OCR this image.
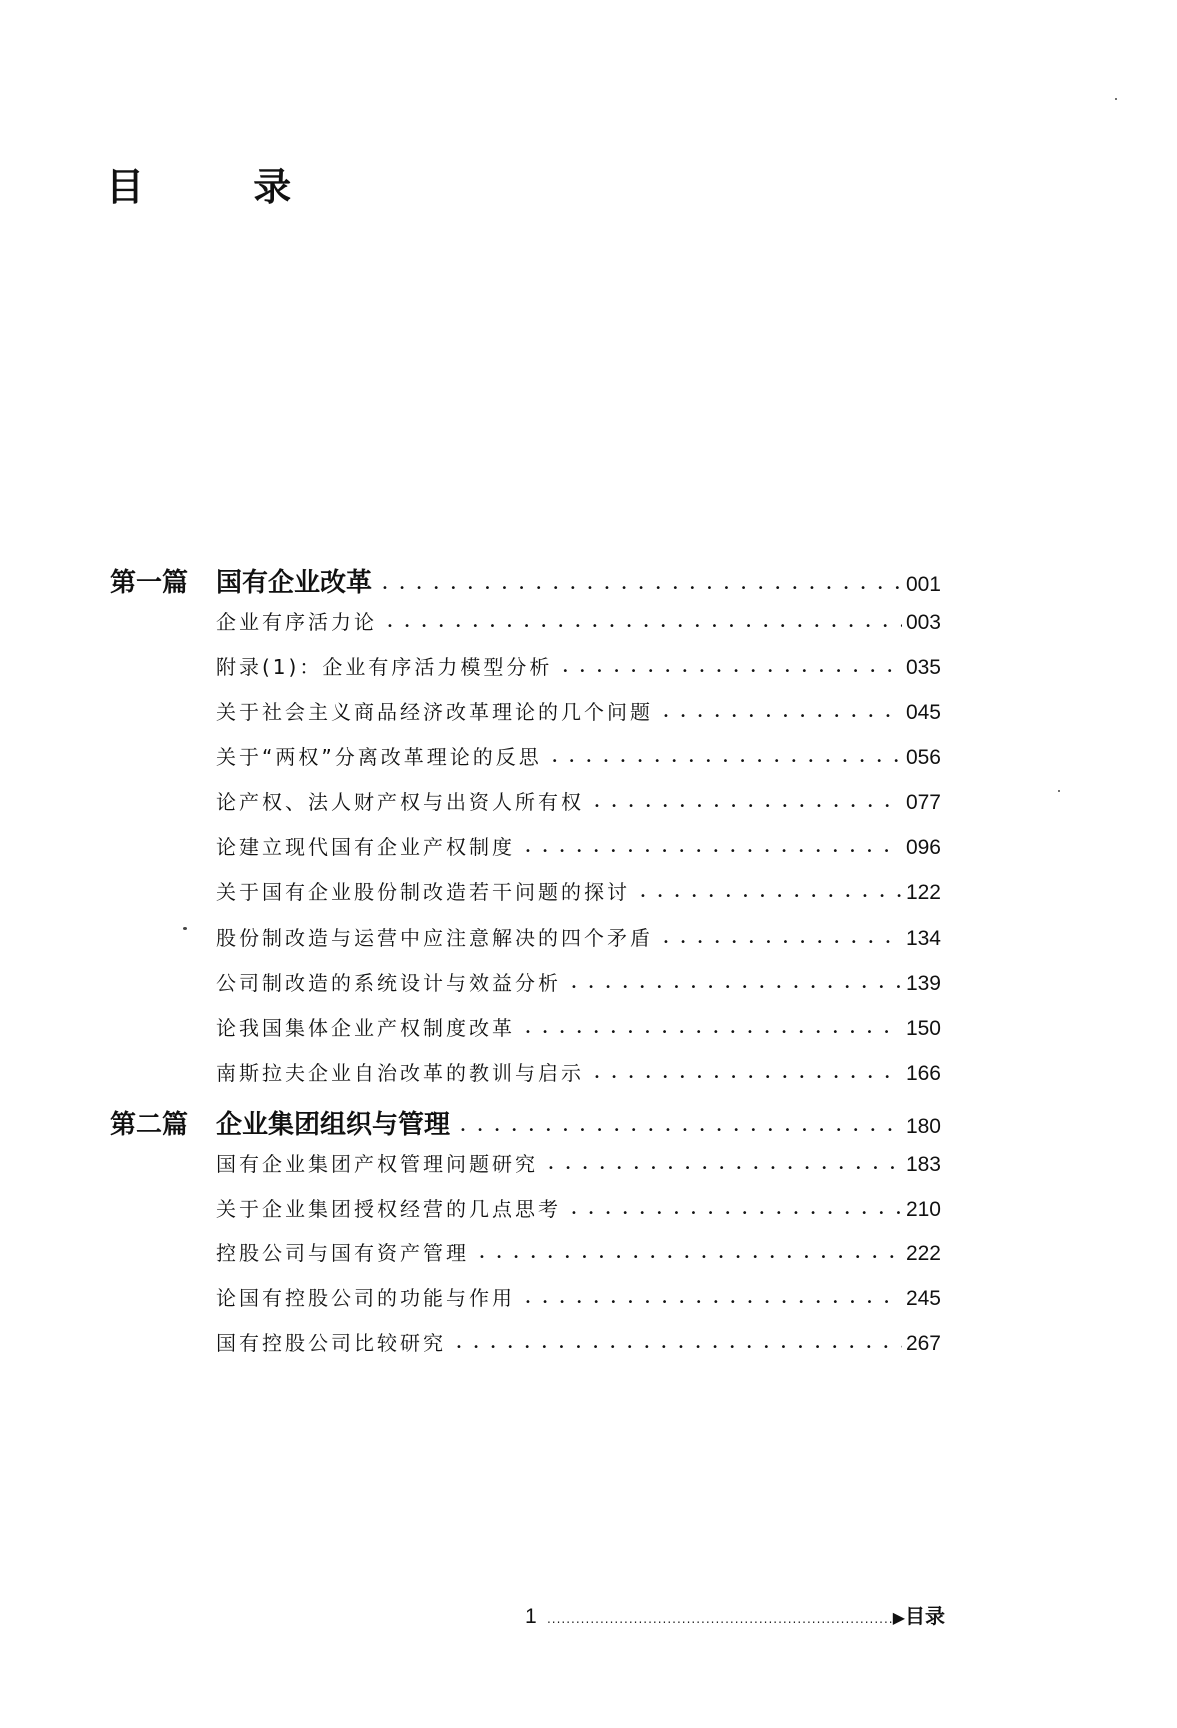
目 录
第一篇	国有企业改革 • • •	001
企业有序活力论 • • •	003
附录(1)：企业有序活力模型分析 • • •	035
关于社会主义商品经济改革理论的几个问题 • • •	045
关于“两权”分离改革理论的反思 • • •	056
论产权、法人财产权与出资人所有权 • • •	077
论建立现代国有企业产权制度 • • •	096
关于国有企业股份制改造若干问题的探讨 • • •	122
股份制改造与运营中应注意解决的四个矛盾 • • •	134
公司制改造的系统设计与效益分析 • • •	139
论我国集体企业产权制度改革 • • •	150
南斯拉夫企业自治改革的教训与启示 • • •	166
第二篇	企业集团组织与管理 • • •	180
国有企业集团产权管理问题研究 • • •	183
关于企业集团授权经营的几点思考 • • •	210
控股公司与国有资产管理 • • •	222
论国有控股公司的功能与作用 • • •	245
国有控股公司比较研究 • • •	267
1 .....	▶ 目录
